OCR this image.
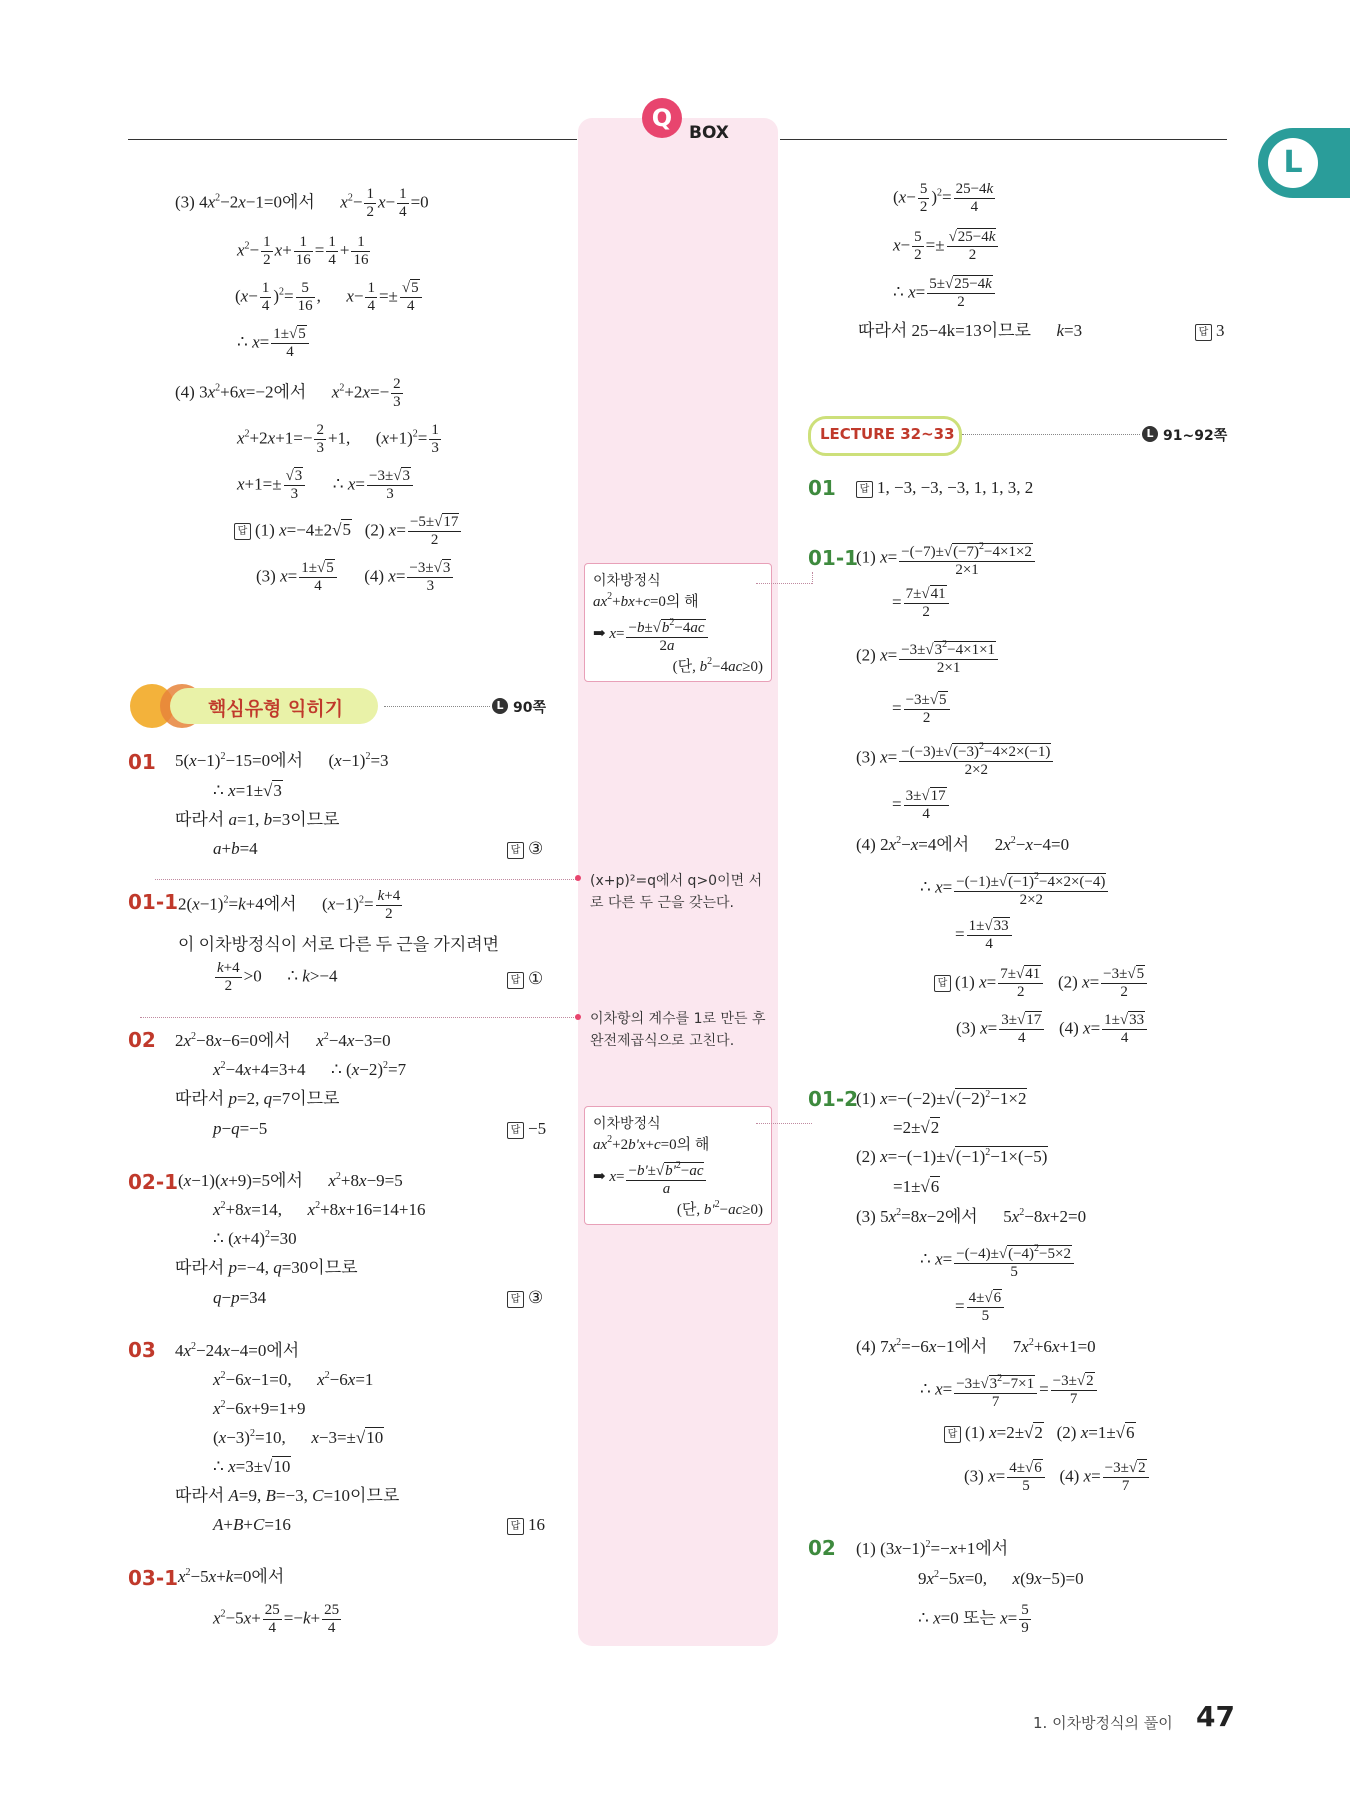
Q
BOX
L
(3) $4x^2-2x-1=0$에서      $x^2- \frac{1}{2} x- \frac{1}{4} =0$
$x^2- \frac{1}{2} x+ \frac{1}{16} = \frac{1}{4} + \frac{1}{16}$
$(x- \frac{1}{4} )^2= \frac{5}{16}$ ,      $x- \frac{1}{4} =\pm \frac{√5}{4}$
∴ $x= \frac{1\pm√5}{4}$
(4) $3x^2+6x=-2$에서      $x^2+2x=- \frac{2}{3}$
$x^2+2x+1=- \frac{2}{3} +1$,      $(x+1)^2= \frac{1}{3}$
$x+1=\pm \frac{√3}{3}$ ∴ $x= \frac{-3\pm√3}{3}$
답 (1) x=−4±2√5 (2) $x= \frac{-5\pm√17}{2}$
(3) $x= \frac{1\pm√5}{4} (4)$ $x= \frac{-3\pm√3}{3}$
핵심유형 익히기	L 90쪽
01 $5(x-1)^2-15=0$에서      $(x-1)^2=3$
∴ x=1±√3
따라서 a=1, b=3이므로
a+b=4	답 ③
01-1 $2(x-1)^2=k+4$에서      $(x-1)^2= \frac{k+4}{2}$
이 이차방정식이 서로 다른 두 근을 가지려면
$\frac{k+4}{2} >0$      ∴ k>−4	답 ①
02 $2x^2-8x-6=0$에서      $x^2-4x-3=0$
$x^2-4x+4=3+4$      ∴ $(x-2)^2=7$
따라서 p=2, q=7이므로
p−q=−5	답 −5
02-1 (x−1)(x+9)=5에서      $x^2+8x-9=5$
$x^2+8x=14$,      $x^2+8x+16=14+16$
∴ $(x+4)^2=30$
따라서 p=−4, q=30이므로
q−p=34	답 ③
03 $4x^2-24x-4=0$에서
$x^2-6x-1=0$,      $x^2-6x=1$
$x^2-6x+9=1+9$
$(x-3)^2=10$,      x−3=±√10
∴ x=3±√10
따라서 A=9, B=−3, C=10이므로
A+B+C=16	답 16
03-1 $x^2-5x+k=0$에서
$x^2-5x+ \frac{25}{4} =-k+ \frac{25}{4}$
이차방정식
$ax^2+bx+c=0$의 해
➡ $x= \frac{-b\pm√b^2-4ac}{2a}$
(단, $b^2-4ac\ge 0$)
(x+p)²=q에서 q>0이면 서로 다른 두 근을 갖는다.
이차항의 계수를 1로 만든 후 완전제곱식으로 고친다.
이차방정식
$ax^2+2b'x+c=0$의 해
➡ $x= \frac{-b'\pm√b'^2-ac}{a}$
(단, $b'^2-ac\ge 0$)
$(x- \frac{5}{2} )^2= \frac{25-4k}{4}$
$x- \frac{5}{2} =\pm \frac{√25-4k}{2}$
∴ $x= \frac{5\pm√25-4k}{2}$
따라서 25−4k=13이므로 k=3	답 3
LECTURE 32~33	L 91~92쪽
01	답 1, −3, −3, −3, 1, 1, 3, 2
01-1
(1) $x= \frac{-(-7)\pm√(-7)^2-4\times 1\times 2}{2\times 1}$
= $\frac{7\pm√41}{2}$
(2) $x= \frac{-3\pm√3^2-4\times 1\times 1}{2\times 1}$
= $\frac{-3\pm√5}{2}$
(3) $x= \frac{-(-3)\pm√(-3)^2-4\times 2\times(-1)}{2\times 2}$
= $\frac{3\pm√17}{4}$
(4) $2x^2-x=4$에서      $2x^2-x-4=0$
∴ $x= \frac{-(-1)\pm√(-1)^2-4\times 2\times(-4)}{2\times 2}$
= $\frac{1\pm√33}{4}$
답 (1) $x= \frac{7\pm√41}{2} (2)$ $x= \frac{-3\pm√5}{2}$
(3) $x= \frac{3\pm√17}{4} (4)$ $x= \frac{1\pm√33}{4}$
01-2
(1) $x=-(-2)\pm√(-2)^2-1\times 2$
=2±√2
(2) $x=-(-1)\pm√(-1)^2-1\times(-5)$
=1±√6
(3) $5x^2=8x-2$에서      $5x^2-8x+2=0$
∴ $x= \frac{-(-4)\pm√(-4)^2-5\times 2}{5}$
= $\frac{4\pm√6}{5}$
(4) $7x^2=-6x-1$에서      $7x^2+6x+1=0$
∴ $x= \frac{-3\pm√3^2-7\times 1}{7} = \frac{-3\pm√2}{7}$
답 (1) x=2±√2   (2) x=1±√6
(3) $x= \frac{4\pm√6}{5} (4)$ $x= \frac{-3\pm√2}{7}$
02 (1) $(3x-1)^2=-x+1$에서
$9x^2-5x=0$,      x(9x−5)=0
∴ x=0 또는 $x= \frac{5}{9}$
1. 이차방정식의 풀이 47
